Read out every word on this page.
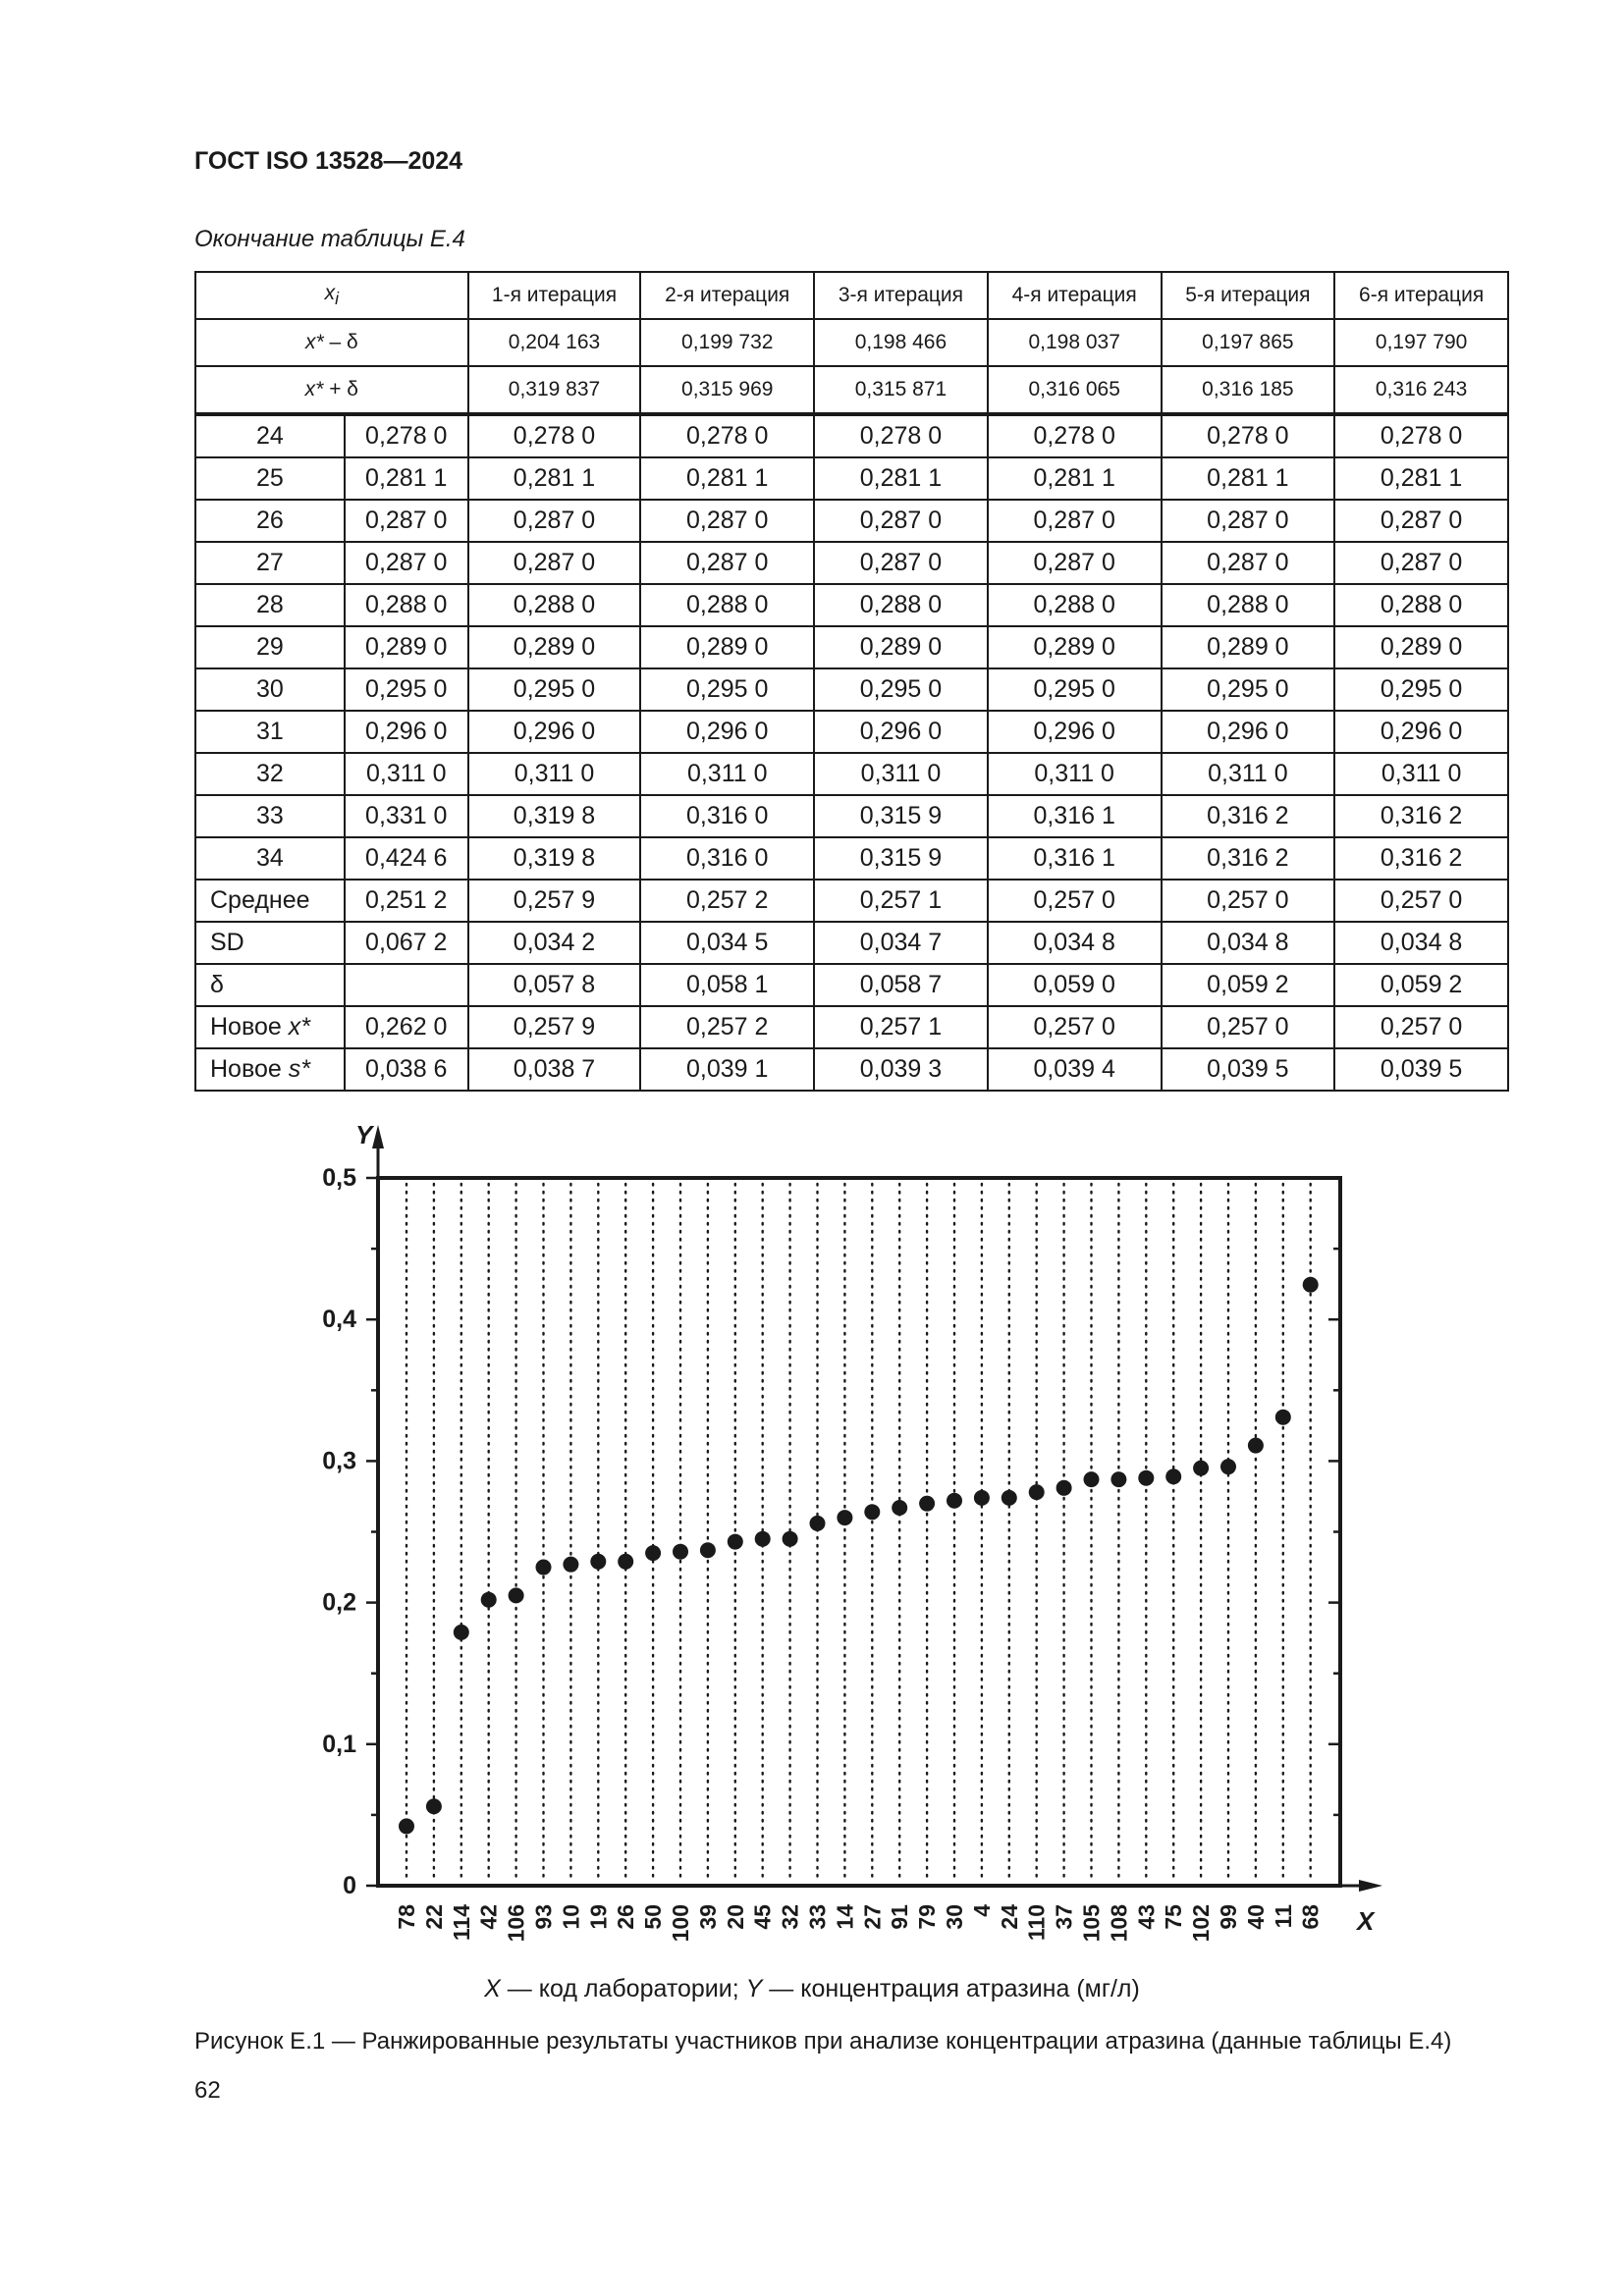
ГОСТ ISO 13528—2024
Окончание таблицы Е.4
$x_i$		1-я итерация	2-я итерация	3-я итерация	4-я итерация	5-я итерация	6-я итерация
x* – δ		0,204 163	0,199 732	0,198 466	0,198 037	0,197 865	0,197 790
x* + δ		0,319 837	0,315 969	0,315 871	0,316 065	0,316 185	0,316 243
24	0,278 0	0,278 0	0,278 0	0,278 0	0,278 0	0,278 0	0,278 0
25	0,281 1	0,281 1	0,281 1	0,281 1	0,281 1	0,281 1	0,281 1
26	0,287 0	0,287 0	0,287 0	0,287 0	0,287 0	0,287 0	0,287 0
27	0,287 0	0,287 0	0,287 0	0,287 0	0,287 0	0,287 0	0,287 0
28	0,288 0	0,288 0	0,288 0	0,288 0	0,288 0	0,288 0	0,288 0
29	0,289 0	0,289 0	0,289 0	0,289 0	0,289 0	0,289 0	0,289 0
30	0,295 0	0,295 0	0,295 0	0,295 0	0,295 0	0,295 0	0,295 0
31	0,296 0	0,296 0	0,296 0	0,296 0	0,296 0	0,296 0	0,296 0
32	0,311 0	0,311 0	0,311 0	0,311 0	0,311 0	0,311 0	0,311 0
33	0,331 0	0,319 8	0,316 0	0,315 9	0,316 1	0,316 2	0,316 2
34	0,424 6	0,319 8	0,316 0	0,315 9	0,316 1	0,316 2	0,316 2
Среднее	0,251 2	0,257 9	0,257 2	0,257 1	0,257 0	0,257 0	0,257 0
SD	0,067 2	0,034 2	0,034 5	0,034 7	0,034 8	0,034 8	0,034 8
δ		0,057 8	0,058 1	0,058 7	0,059 0	0,059 2	0,059 2
Новое x*	0,262 0	0,257 9	0,257 2	0,257 1	0,257 0	0,257 0	0,257 0
Новое s*	0,038 6	0,038 7	0,039 1	0,039 3	0,039 4	0,039 5	0,039 5
0
0,1
0,2
0,3
0,4
0,5
Y
X
78 22 114 42 106 93 10 19 26 50 100 39 20 45 32 33 14 27 91 79 30 4 24 110 37 105 108 43 75 102 99 40 11 68
X — код лаборатории; Y — концентрация атразина (мг/л)
Рисунок Е.1 — Ранжированные результаты участников при анализе концентрации атразина (данные таблицы Е.4)
62
